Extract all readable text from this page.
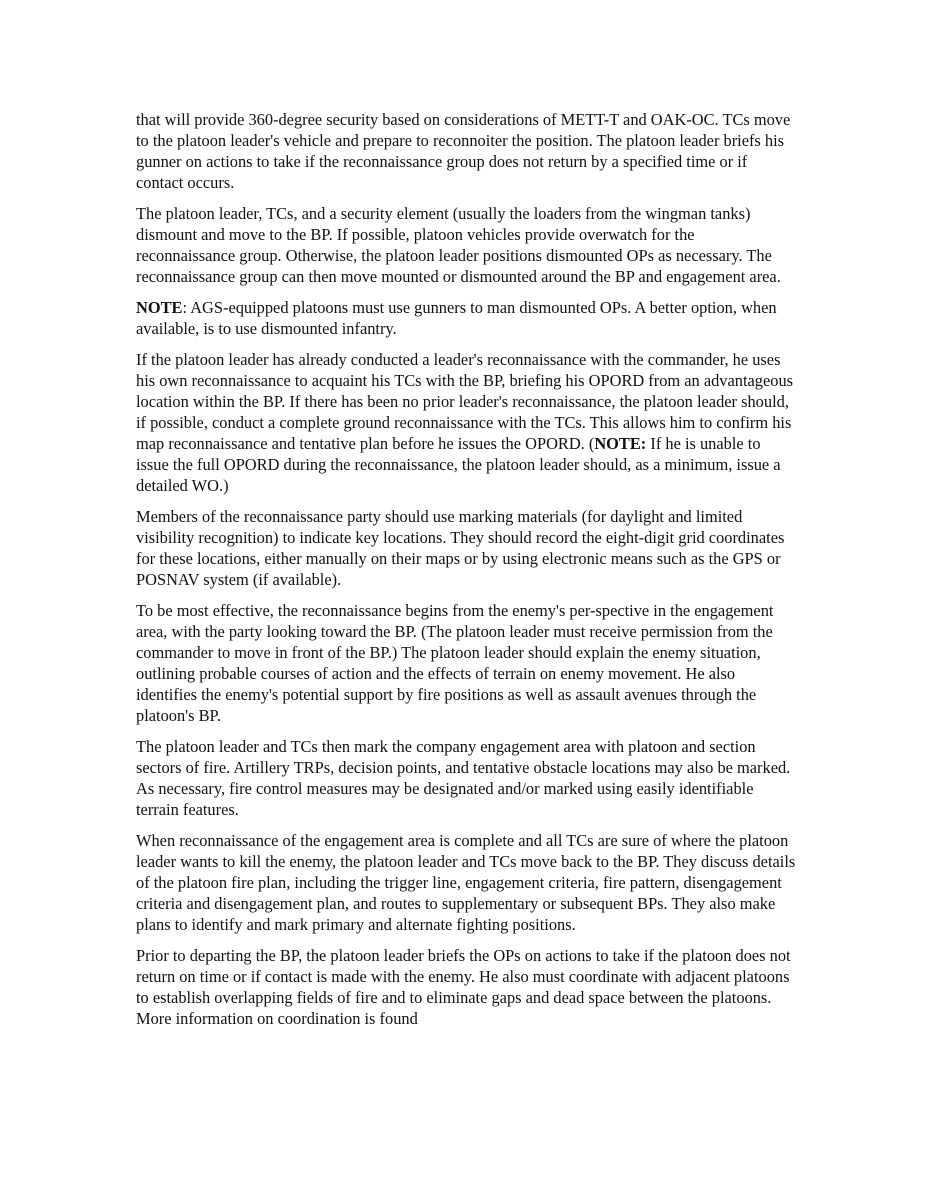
that will provide 360-degree security based on considerations of METT-T and OAK-OC. TCs move to the platoon leader's vehicle and prepare to reconnoiter the position. The platoon leader briefs his gunner on actions to take if the reconnaissance group does not return by a specified time or if contact occurs.

The platoon leader, TCs, and a security element (usually the loaders from the wingman tanks) dismount and move to the BP. If possible, platoon vehicles provide overwatch for the reconnaissance group. Otherwise, the platoon leader positions dismounted OPs as necessary. The reconnaissance group can then move mounted or dismounted around the BP and engagement area.

NOTE: AGS-equipped platoons must use gunners to man dismounted OPs. A better option, when available, is to use dismounted infantry.

If the platoon leader has already conducted a leader's reconnaissance with the commander, he uses his own reconnaissance to acquaint his TCs with the BP, briefing his OPORD from an advantageous location within the BP. If there has been no prior leader's reconnaissance, the platoon leader should, if possible, conduct a complete ground reconnaissance with the TCs. This allows him to confirm his map reconnaissance and tentative plan before he issues the OPORD. (NOTE: If he is unable to issue the full OPORD during the reconnaissance, the platoon leader should, as a minimum, issue a detailed WO.)

Members of the reconnaissance party should use marking materials (for daylight and limited visibility recognition) to indicate key locations. They should record the eight-digit grid coordinates for these locations, either manually on their maps or by using electronic means such as the GPS or POSNAV system (if available).

To be most effective, the reconnaissance begins from the enemy's per-spective in the engagement area, with the party looking toward the BP. (The platoon leader must receive permission from the commander to move in front of the BP.) The platoon leader should explain the enemy situation, outlining probable courses of action and the effects of terrain on enemy movement. He also identifies the enemy's potential support by fire positions as well as assault avenues through the platoon's BP.

The platoon leader and TCs then mark the company engagement area with platoon and section sectors of fire. Artillery TRPs, decision points, and tentative obstacle locations may also be marked. As necessary, fire control measures may be designated and/or marked using easily identifiable terrain features.

When reconnaissance of the engagement area is complete and all TCs are sure of where the platoon leader wants to kill the enemy, the platoon leader and TCs move back to the BP. They discuss details of the platoon fire plan, including the trigger line, engagement criteria, fire pattern, disengagement criteria and disengagement plan, and routes to supplementary or subsequent BPs. They also make plans to identify and mark primary and alternate fighting positions.

Prior to departing the BP, the platoon leader briefs the OPs on actions to take if the platoon does not return on time or if contact is made with the enemy. He also must coordinate with adjacent platoons to establish overlapping fields of fire and to eliminate gaps and dead space between the platoons. More information on coordination is found
